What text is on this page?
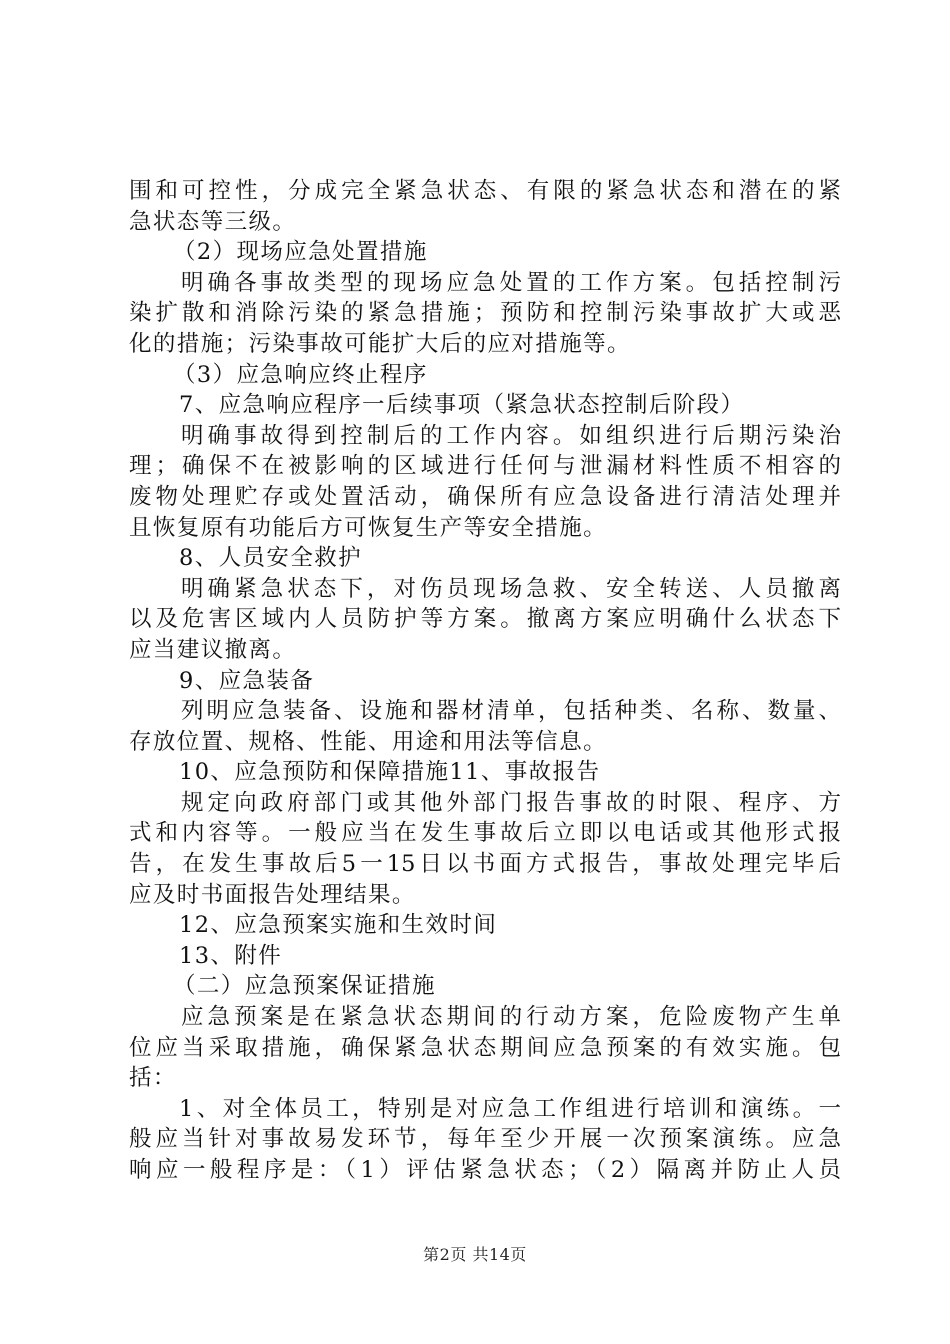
围和可控性，分成完全紧急状态、有限的紧急状态和潜在的紧
急状态等三级。
（2）现场应急处置措施
明确各事故类型的现场应急处置的工作方案。包括控制污
染扩散和消除污染的紧急措施；预防和控制污染事故扩大或恶
化的措施；污染事故可能扩大后的应对措施等。
（3）应急响应终止程序
7、应急响应程序一后续事项（紧急状态控制后阶段）
明确事故得到控制后的工作内容。如组织进行后期污染治
理；确保不在被影响的区域进行任何与泄漏材料性质不相容的
废物处理贮存或处置活动，确保所有应急设备进行清洁处理并
且恢复原有功能后方可恢复生产等安全措施。
8、人员安全救护
明确紧急状态下，对伤员现场急救、安全转送、人员撤离
以及危害区域内人员防护等方案。撤离方案应明确什么状态下
应当建议撤离。
9、应急装备
列明应急装备、设施和器材清单，包括种类、名称、数量、
存放位置、规格、性能、用途和用法等信息。
10、应急预防和保障措施11、事故报告
规定向政府部门或其他外部门报告事故的时限、程序、方
式和内容等。一般应当在发生事故后立即以电话或其他形式报
告，在发生事故后5一15日以书面方式报告，事故处理完毕后
应及时书面报告处理结果。
12、应急预案实施和生效时间
13、附件
（二）应急预案保证措施
应急预案是在紧急状态期间的行动方案，危险废物产生单
位应当采取措施，确保紧急状态期间应急预案的有效实施。包
括：
1、对全体员工，特别是对应急工作组进行培训和演练。一
般应当针对事故易发环节，每年至少开展一次预案演练。应急
响应一般程序是：（1）评估紧急状态；（2）隔离并防止人员
第2页 共14页
